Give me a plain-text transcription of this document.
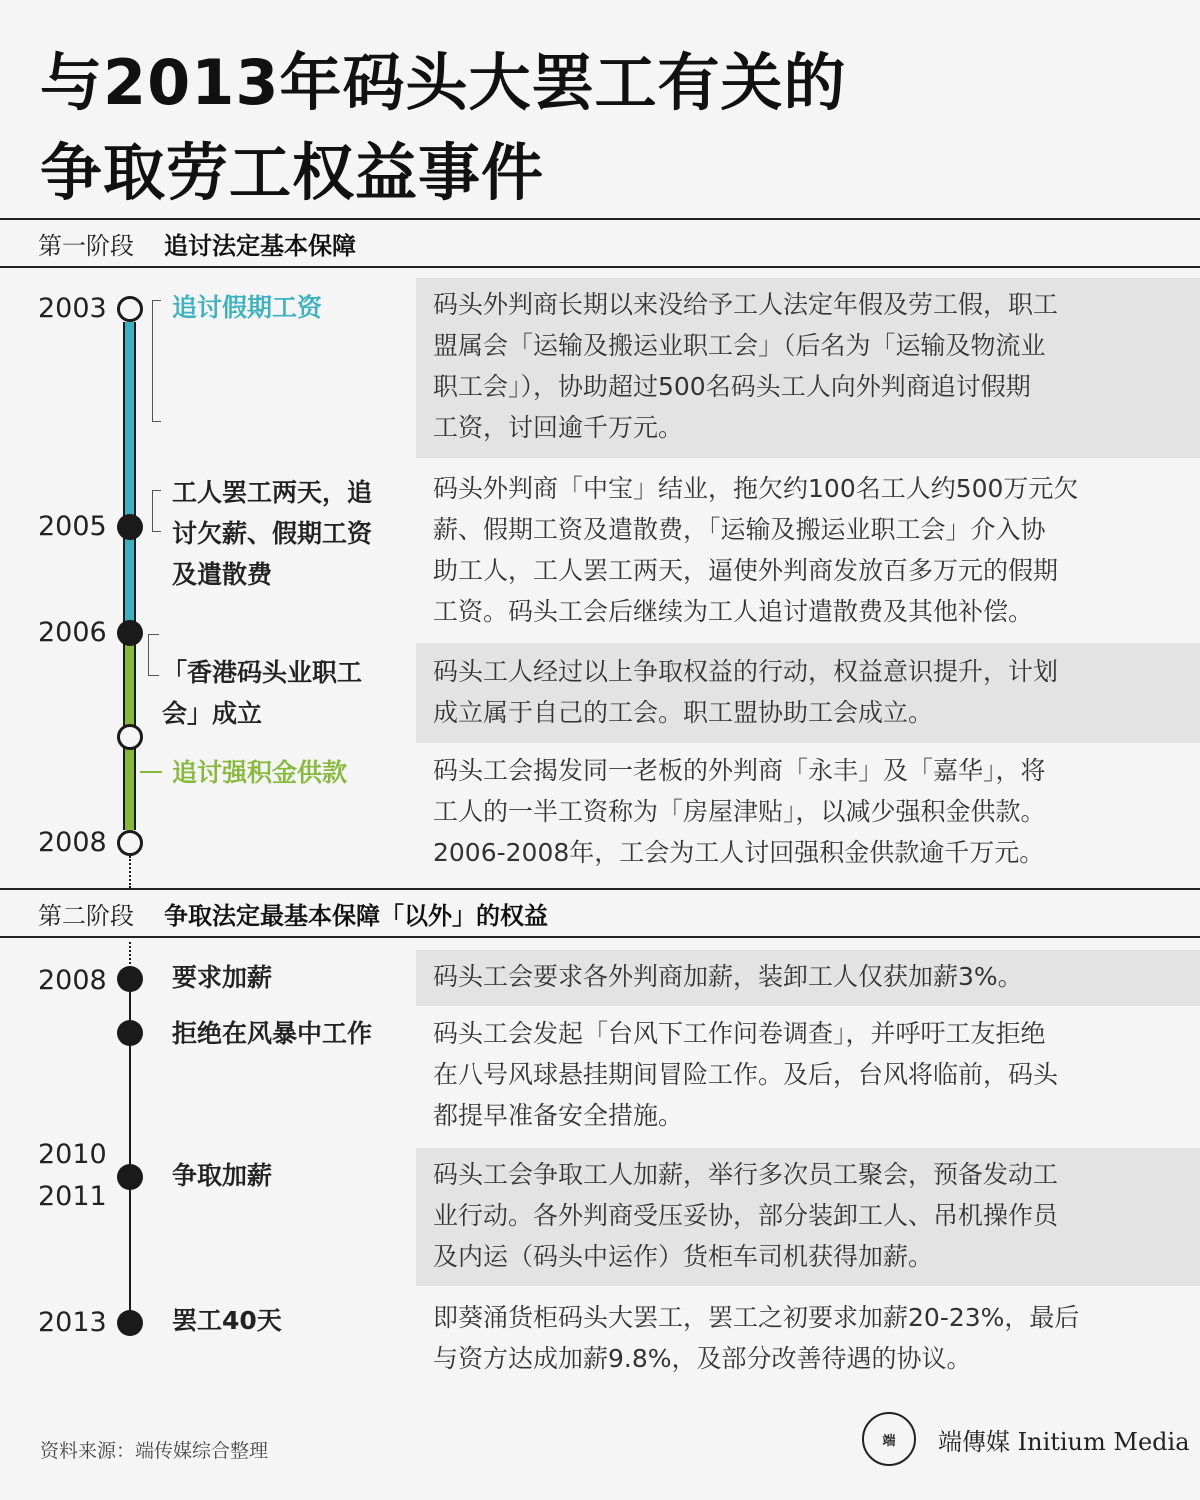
与2013年码头大罢工有关的
争取劳工权益事件
第一阶段 追讨法定基本保障
2003
2005
2006
2008
追讨假期工资
工人罢工两天，追
讨欠薪、假期工资
及遣散费
「香港码头业职工
会」成立
追讨强积金供款
码头外判商长期以来没给予工人法定年假及劳工假，职工
盟属会「运输及搬运业职工会」（后名为「运输及物流业
职工会」），协助超过500名码头工人向外判商追讨假期
工资，讨回逾千万元。
码头外判商「中宝」结业，拖欠约100名工人约500万元欠
薪、假期工资及遣散费，「运输及搬运业职工会」介入协
助工人，工人罢工两天，逼使外判商发放百多万元的假期
工资。码头工会后继续为工人追讨遣散费及其他补偿。
码头工人经过以上争取权益的行动，权益意识提升，计划
成立属于自己的工会。职工盟协助工会成立。
码头工会揭发同一老板的外判商「永丰」及「嘉华」，将
工人的一半工资称为「房屋津贴」，以减少强积金供款。
2006-2008年，工会为工人讨回强积金供款逾千万元。
第二阶段 争取法定最基本保障「以外」的权益
2008
2010
2011
2013
要求加薪
拒绝在风暴中工作
争取加薪
罢工40天
码头工会要求各外判商加薪，装卸工人仅获加薪3%。
码头工会发起「台风下工作问卷调查」，并呼吁工友拒绝
在八号风球悬挂期间冒险工作。及后，台风将临前，码头
都提早准备安全措施。
码头工会争取工人加薪，举行多次员工聚会，预备发动工
业行动。各外判商受压妥协，部分装卸工人、吊机操作员
及内运（码头中运作）货柜车司机获得加薪。
即葵涌货柜码头大罢工，罢工之初要求加薪20-23%，最后
与资方达成加薪9.8%，及部分改善待遇的协议。
资料来源：端传媒综合整理	端	端傳媒 Initium Media
